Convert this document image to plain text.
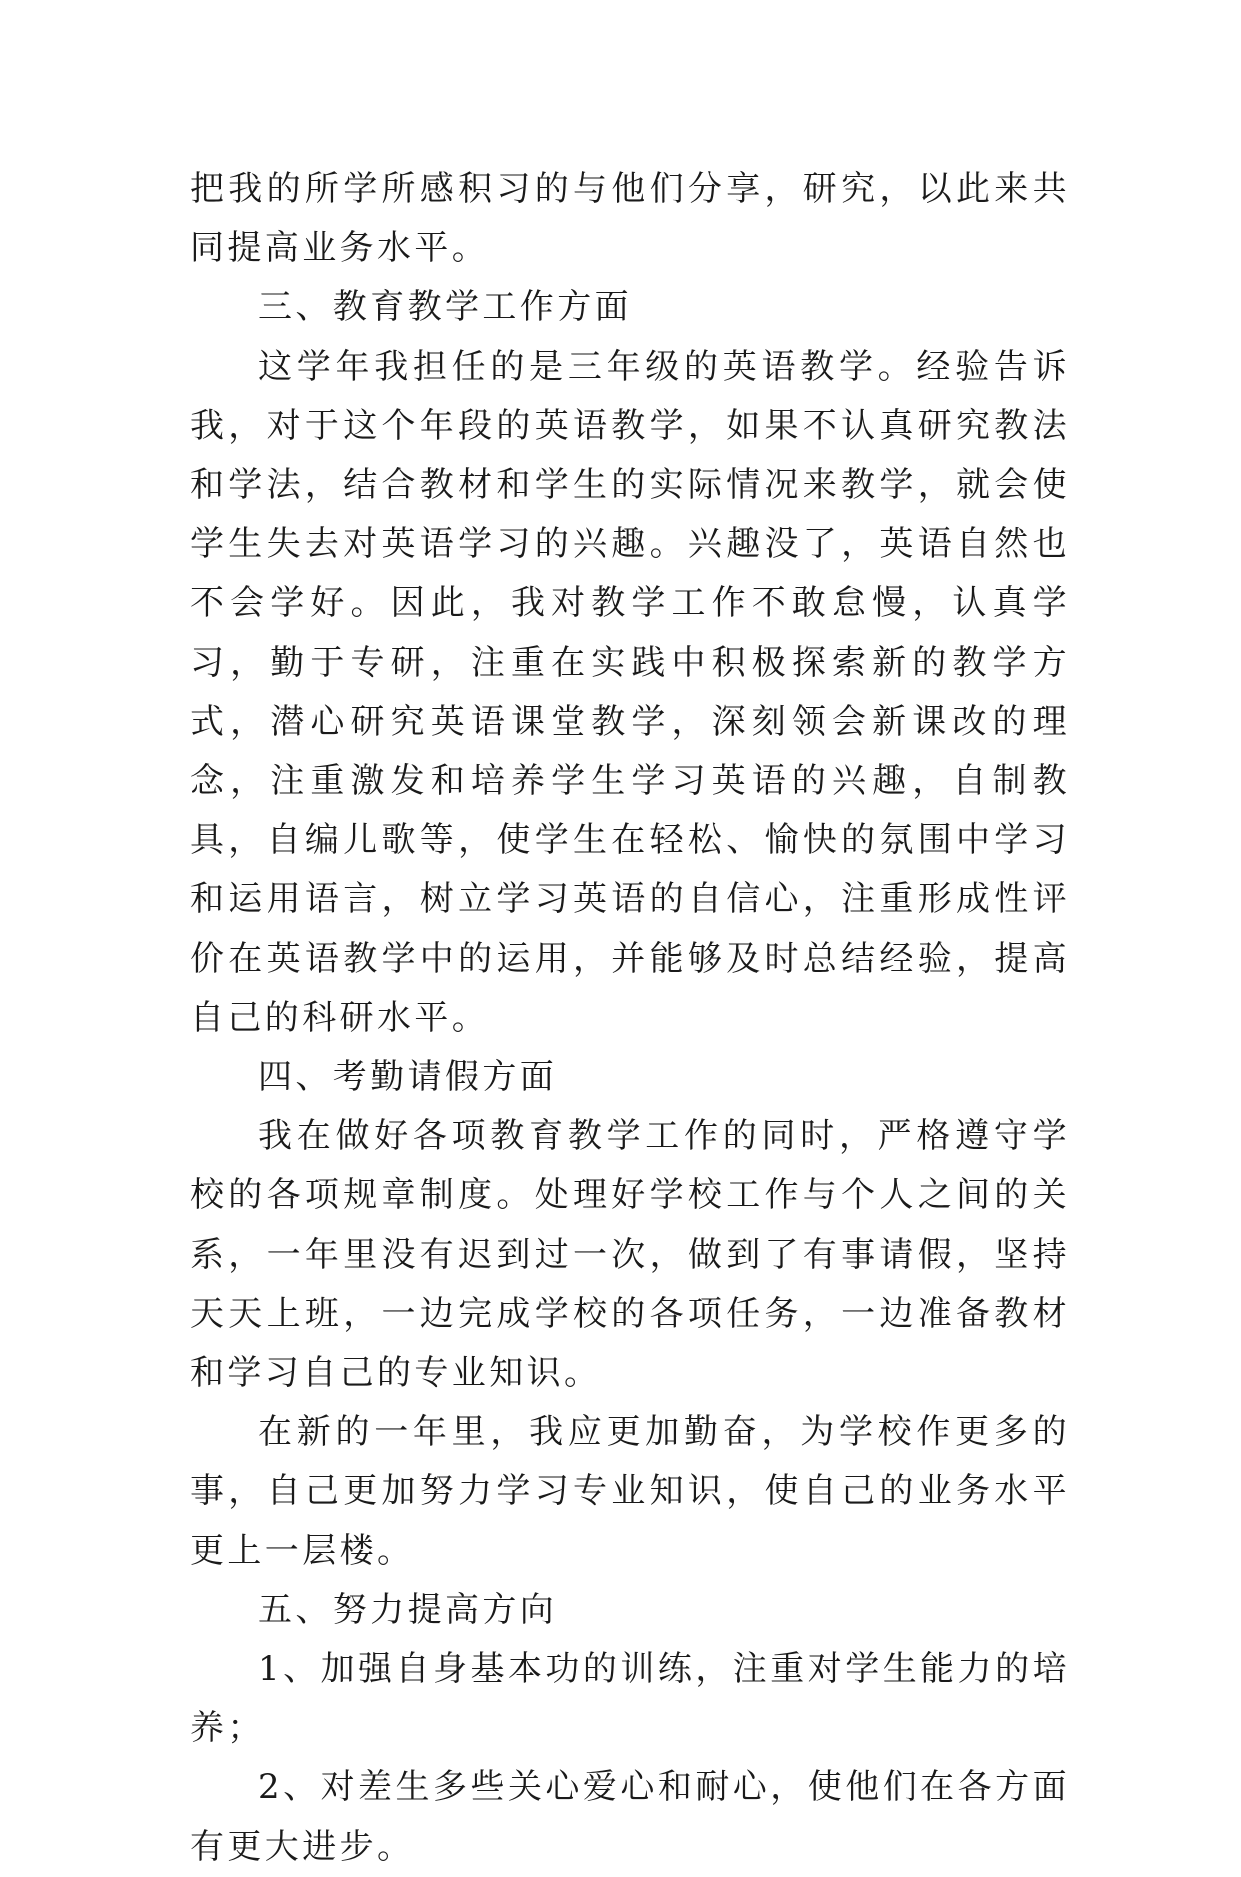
把我的所学所感积习的与他们分享，研究，以此来共同提高业务水平。

三、教育教学工作方面

这学年我担任的是三年级的英语教学。经验告诉我，对于这个年段的英语教学，如果不认真研究教法和学法，结合教材和学生的实际情况来教学，就会使学生失去对英语学习的兴趣。兴趣没了，英语自然也不会学好。因此，我对教学工作不敢怠慢，认真学习，勤于专研，注重在实践中积极探索新的教学方式，潜心研究英语课堂教学，深刻领会新课改的理念，注重激发和培养学生学习英语的兴趣，自制教具，自编儿歌等，使学生在轻松、愉快的氛围中学习和运用语言，树立学习英语的自信心，注重形成性评价在英语教学中的运用，并能够及时总结经验，提高自己的科研水平。

四、考勤请假方面

我在做好各项教育教学工作的同时，严格遵守学校的各项规章制度。处理好学校工作与个人之间的关系，一年里没有迟到过一次，做到了有事请假，坚持天天上班，一边完成学校的各项任务，一边准备教材和学习自己的专业知识。

在新的一年里，我应更加勤奋，为学校作更多的事，自己更加努力学习专业知识，使自己的业务水平更上一层楼。

五、努力提高方向

1、加强自身基本功的训练，注重对学生能力的培养；

2、对差生多些关心爱心和耐心，使他们在各方面有更大进步。
